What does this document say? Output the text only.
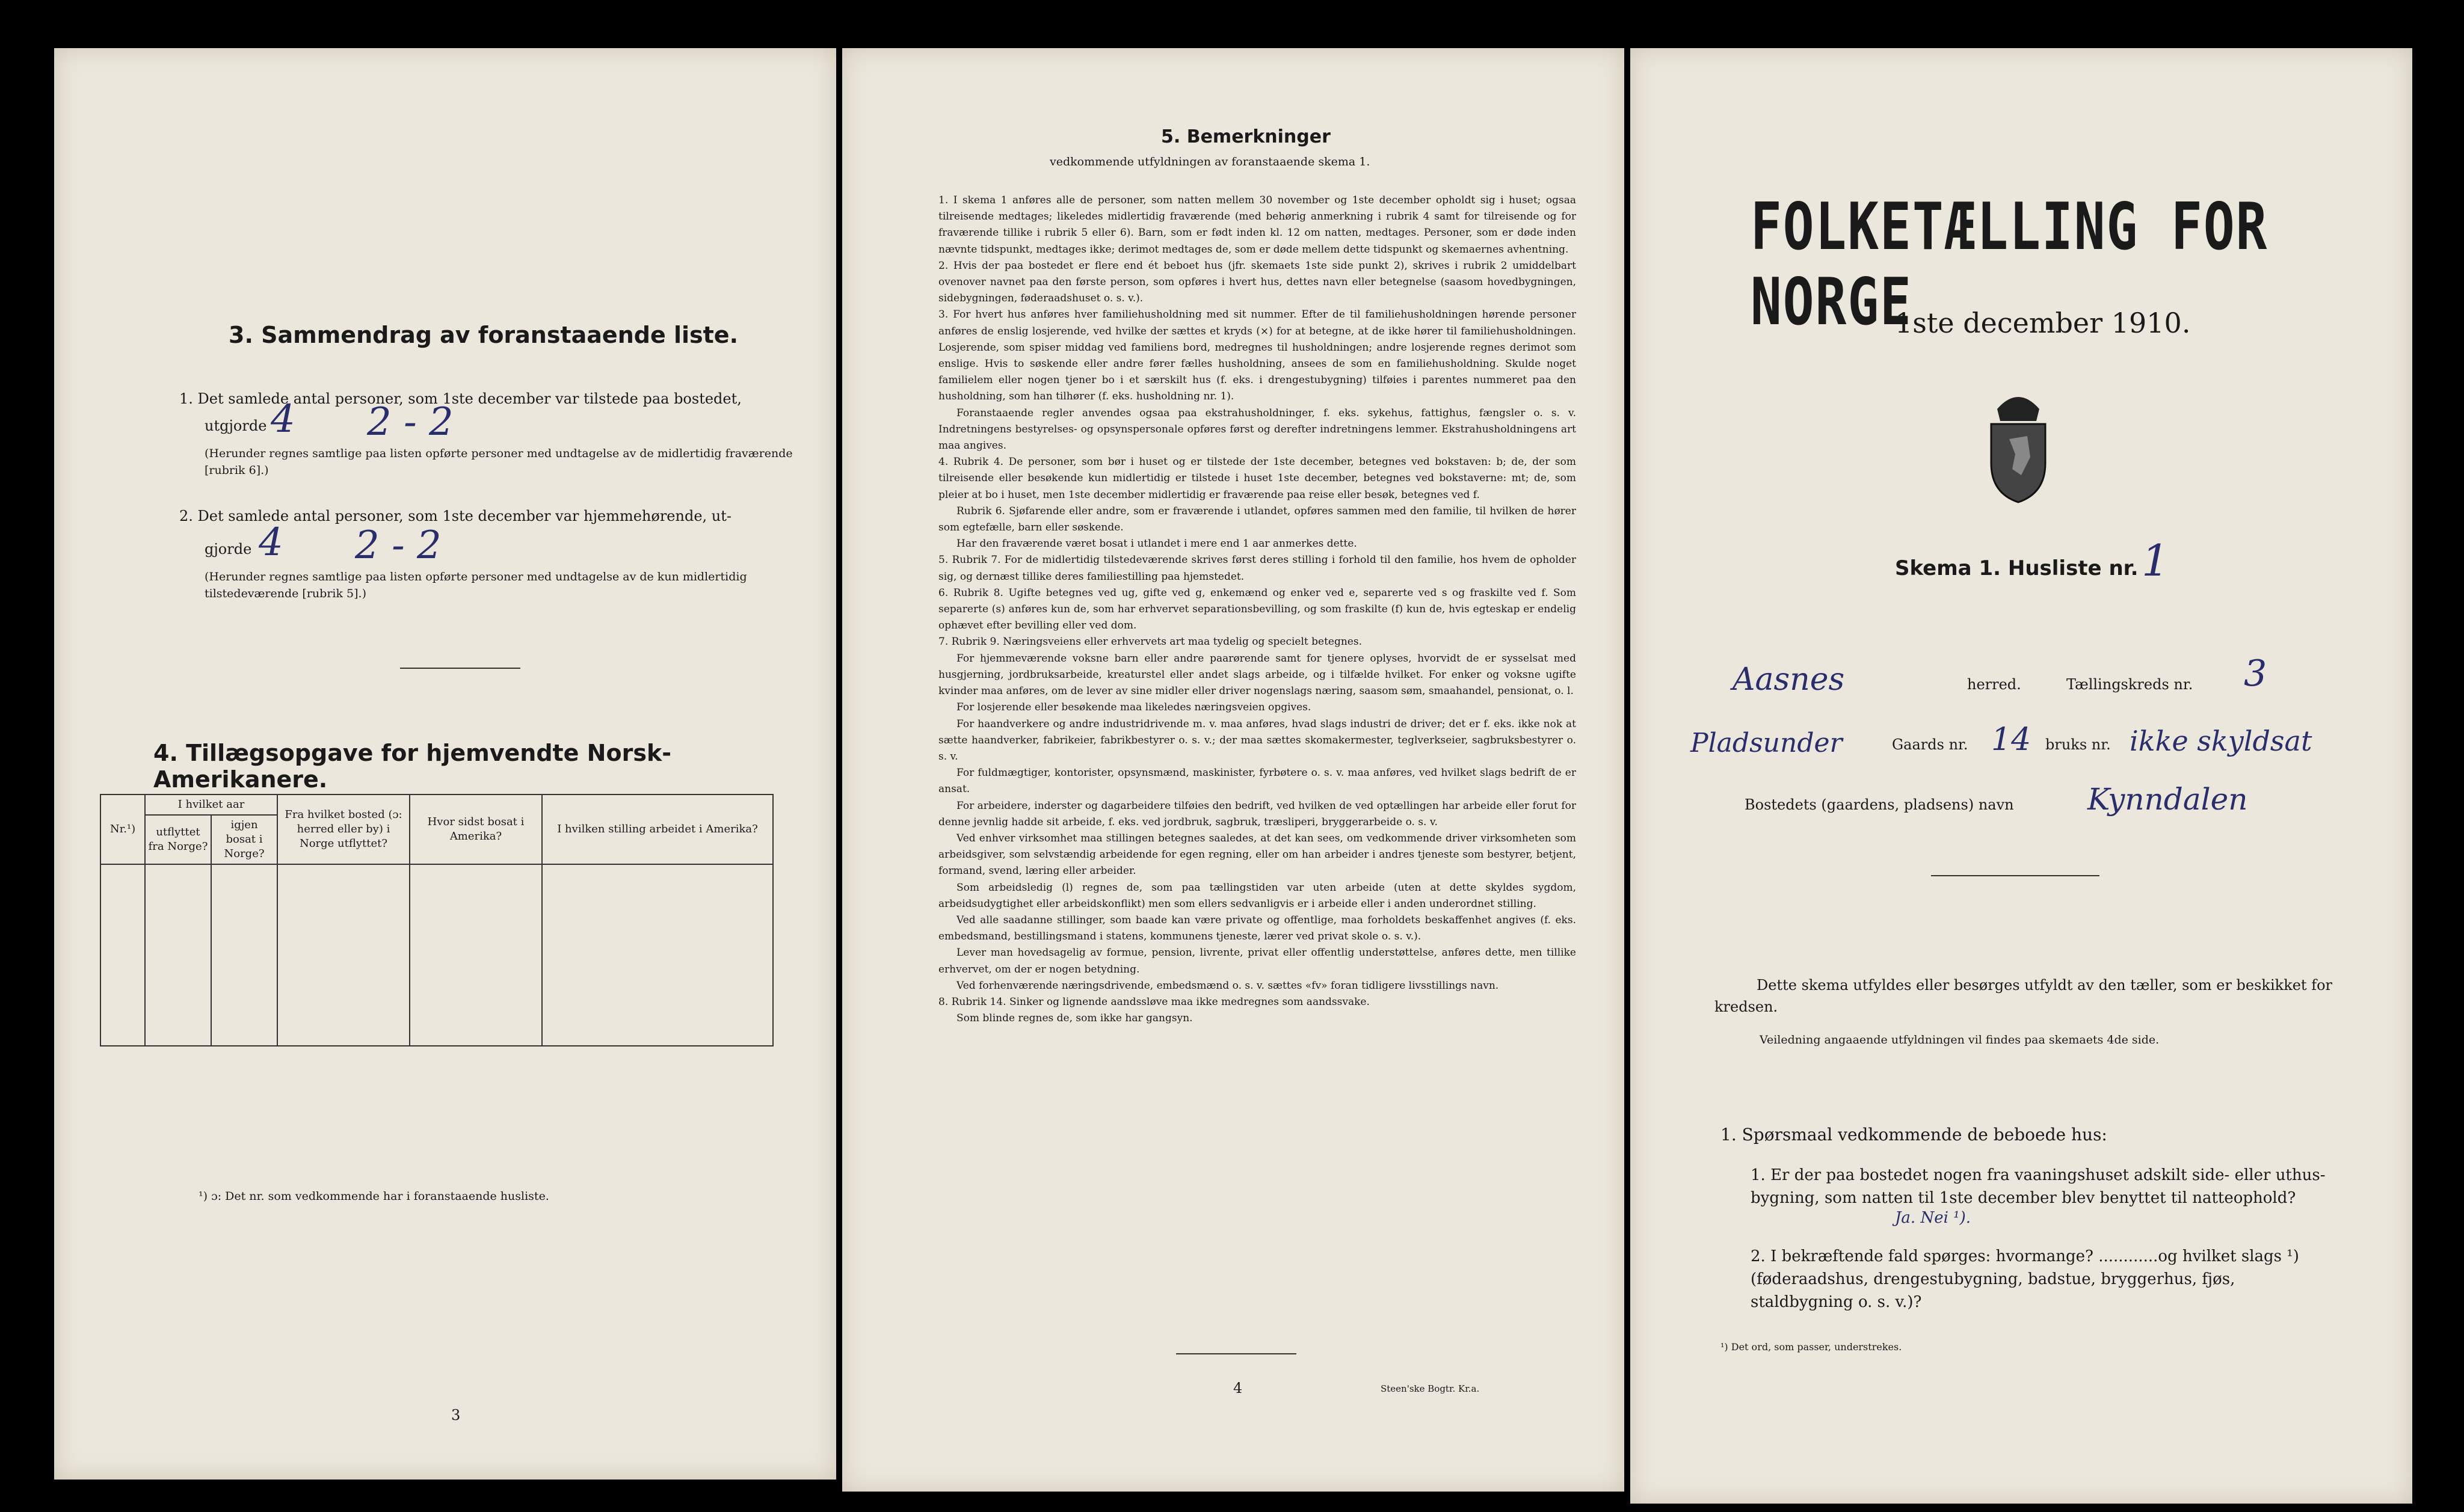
3. Sammendrag av foranstaaende liste.
1. Det samlede antal personer, som 1ste december var tilstede paa bostedet,
utgjorde 4 2 - 2
(Herunder regnes samtlige paa listen opførte personer med undtagelse av de midlertidig fraværende [rubrik 6].)
2. Det samlede antal personer, som 1ste december var hjemmehørende, ut-
gjorde 4 2 - 2
(Herunder regnes samtlige paa listen opførte personer med undtagelse av de kun midlertidig tilstedeværende [rubrik 5].)
4. Tillægsopgave for hjemvendte Norsk-Amerikanere.
Nr.¹)	I hvilket aar		Fra hvilket bosted (ɔ: herred eller by) i Norge utflyttet?	Hvor sidst bosat i Amerika?	I hvilken stilling arbeidet i Amerika?
	utflyttet fra Norge?	igjen bosat i Norge?			

¹) ɔ: Det nr. som vedkommende har i foranstaaende husliste.
3
5. Bemerkninger
vedkommende utfyldningen av foranstaaende skema 1.

1. I skema 1 anføres alle de personer, som natten mellem 30 november og 1ste december opholdt sig i huset; ogsaa tilreisende medtages; likeledes midlertidig fraværende (med behørig anmerkning i rubrik 4 samt for tilreisende og for fraværende tillike i rubrik 5 eller 6). Barn, som er født inden kl. 12 om natten, medtages. Personer, som er døde inden nævnte tidspunkt, medtages ikke; derimot medtages de, som er døde mellem dette tidspunkt og skemaernes avhentning.

2. Hvis der paa bostedet er flere end ét beboet hus (jfr. skemaets 1ste side punkt 2), skrives i rubrik 2 umiddelbart ovenover navnet paa den første person, som opføres i hvert hus, dettes navn eller betegnelse (saasom hovedbygningen, sidebygningen, føderaadshuset o. s. v.).

3. For hvert hus anføres hver familiehusholdning med sit nummer. Efter de til familiehusholdningen hørende personer anføres de enslig losjerende, ved hvilke der sættes et kryds (×) for at betegne, at de ikke hører til familiehusholdningen. Losjerende, som spiser middag ved familiens bord, medregnes til husholdningen; andre losjerende regnes derimot som enslige. Hvis to søskende eller andre fører fælles husholdning, ansees de som en familiehusholdning. Skulde noget familielem eller nogen tjener bo i et særskilt hus (f. eks. i drengestubygning) tilføies i parentes nummeret paa den husholdning, som han tilhører (f. eks. husholdning nr. 1).

Foranstaaende regler anvendes ogsaa paa ekstrahusholdninger, f. eks. sykehus, fattighus, fængsler o. s. v. Indretningens bestyrelses- og opsynspersonale opføres først og derefter indretningens lemmer. Ekstrahusholdningens art maa angives.

4. Rubrik 4. De personer, som bør i huset og er tilstede der 1ste december, betegnes ved bokstaven: b; de, der som tilreisende eller besøkende kun midlertidig er tilstede i huset 1ste december, betegnes ved bokstaverne: mt; de, som pleier at bo i huset, men 1ste december midlertidig er fraværende paa reise eller besøk, betegnes ved f.

Rubrik 6. Sjøfarende eller andre, som er fraværende i utlandet, opføres sammen med den familie, til hvilken de hører som egtefælle, barn eller søskende.

Har den fraværende været bosat i utlandet i mere end 1 aar anmerkes dette.

5. Rubrik 7. For de midlertidig tilstedeværende skrives først deres stilling i forhold til den familie, hos hvem de opholder sig, og dernæst tillike deres familiestilling paa hjemstedet.

6. Rubrik 8. Ugifte betegnes ved ug, gifte ved g, enkemænd og enker ved e, separerte ved s og fraskilte ved f. Som separerte (s) anføres kun de, som har erhvervet separationsbevilling, og som fraskilte (f) kun de, hvis egteskap er endelig ophævet efter bevilling eller ved dom.

7. Rubrik 9. Næringsveiens eller erhvervets art maa tydelig og specielt betegnes.

For hjemmeværende voksne barn eller andre paarørende samt for tjenere oplyses, hvorvidt de er sysselsat med husgjerning, jordbruksarbeide, kreaturstel eller andet slags arbeide, og i tilfælde hvilket. For enker og voksne ugifte kvinder maa anføres, om de lever av sine midler eller driver nogenslags næring, saasom søm, smaahandel, pensionat, o. l.

For losjerende eller besøkende maa likeledes næringsveien opgives.

For haandverkere og andre industridrivende m. v. maa anføres, hvad slags industri de driver; det er f. eks. ikke nok at sætte haandverker, fabrikeier, fabrikbestyrer o. s. v.; der maa sættes skomakermester, teglverkseier, sagbruksbestyrer o. s. v.

For fuldmægtiger, kontorister, opsynsmænd, maskinister, fyrbøtere o. s. v. maa anføres, ved hvilket slags bedrift de er ansat.

For arbeidere, inderster og dagarbeidere tilføies den bedrift, ved hvilken de ved optællingen har arbeide eller forut for denne jevnlig hadde sit arbeide, f. eks. ved jordbruk, sagbruk, træsliperi, bryggerarbeide o. s. v.

Ved enhver virksomhet maa stillingen betegnes saaledes, at det kan sees, om vedkommende driver virksomheten som arbeidsgiver, som selvstændig arbeidende for egen regning, eller om han arbeider i andres tjeneste som bestyrer, betjent, formand, svend, læring eller arbeider.

Som arbeidsledig (l) regnes de, som paa tællingstiden var uten arbeide (uten at dette skyldes sygdom, arbeidsudygtighet eller arbeidskonflikt) men som ellers sedvanligvis er i arbeide eller i anden underordnet stilling.

Ved alle saadanne stillinger, som baade kan være private og offentlige, maa forholdets beskaffenhet angives (f. eks. embedsmand, bestillingsmand i statens, kommunens tjeneste, lærer ved privat skole o. s. v.).

Lever man hovedsagelig av formue, pension, livrente, privat eller offentlig understøttelse, anføres dette, men tillike erhvervet, om der er nogen betydning.

Ved forhenværende næringsdrivende, embedsmænd o. s. v. sættes «fv» foran tidligere livsstillings navn.

8. Rubrik 14. Sinker og lignende aandssløve maa ikke medregnes som aandssvake.

Som blinde regnes de, som ikke har gangsyn.

4	Steen'ske Bogtr. Kr.a.
FOLKETÆLLING FOR NORGE
1ste december 1910.
Skema 1. Husliste nr. 1
Aasnes	herred.	Tællingskreds nr. 3
Pladsunder	Gaards nr. 14 bruks nr. ikke skyldsat
Bostedets (gaardens, pladsens) navn Kynndalen
Dette skema utfyldes eller besørges utfyldt av den tæller, som er beskikket for kredsen.
Veiledning angaaende utfyldningen vil findes paa skemaets 4de side.
1. Spørsmaal vedkommende de beboede hus:
1. Er der paa bostedet nogen fra vaaningshuset adskilt side- eller uthus-bygning, som natten til 1ste december blev benyttet til natteophold?
Ja. Nei ¹).
2. I bekræftende fald spørges: hvormange? ............og hvilket slags ¹) (føderaadshus, drengestubygning, badstue, bryggerhus, fjøs, staldbygning o. s. v.)?
¹) Det ord, som passer, understrekes.
